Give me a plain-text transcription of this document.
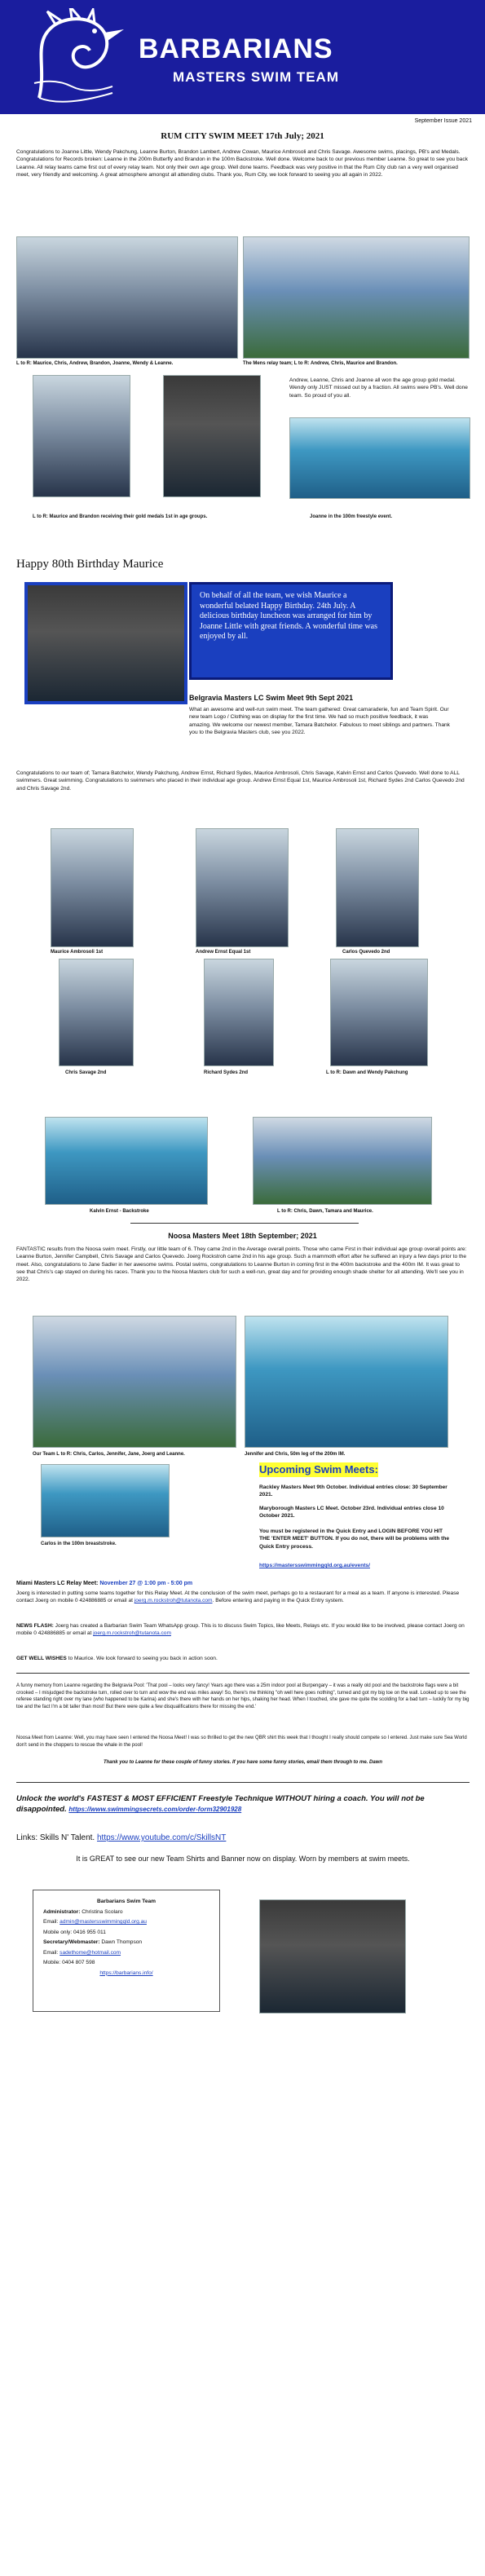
BARBARIANS
MASTERS SWIM TEAM
September Issue 2021
RUM CITY SWIM MEET 17th July; 2021
Congratulations to Joanne Little, Wendy Pakchung, Leanne Burton, Brandon Lambert, Andrew Cowan, Maurice Ambrosoli and Chris Savage. Awesome swims, placings, PB's and Medals. Congratulations for Records broken: Leanne in the 200m Butterfly and Brandon in the 100m Backstroke. Well done. Welcome back to our previous member Leanne. So great to see you back Leanne. All relay teams came first out of every relay team. Not only their own age group. Well done teams. Feedback was very positive in that the Rum City club ran a very well organised meet, very friendly and welcoming. A great atmosphere amongst all attending clubs. Thank you, Rum City, we look forward to seeing you all again in 2022.
L to R: Maurice, Chris, Andrew, Brandon, Joanne, Wendy & Leanne.	The Mens relay team; L to R: Andrew, Chris, Maurice and Brandon.
Andrew, Leanne, Chris and Joanne all won the age group gold medal. Wendy only JUST missed out by a fraction. All swims were PB's. Well done team. So proud of you all.
L to R: Maurice and Brandon receiving their gold medals 1st in age groups.	Joanne in the 100m freestyle event.
Happy 80th Birthday Maurice
On behalf of all the team, we wish Maurice a wonderful belated Happy Birthday. 24th July. A delicious birthday luncheon was arranged for him by Joanne Little with great friends. A wonderful time was enjoyed by all.
Belgravia Masters LC Swim Meet 9th Sept 2021
What an awesome and well-run swim meet. The team gathered: Great camaraderie, fun and Team Spirit. Our new team Logo / Clothing was on display for the first time. We had so much positive feedback, it was amazing. We welcome our newest member, Tamara Batchelor. Fabulous to meet siblings and partners. Thank you to the Belgravia Masters club, see you 2022.
Congratulations to our team of; Tamara Batchelor, Wendy Pakchung, Andrew Ernst, Richard Sydes, Maurice Ambrosoli, Chris Savage, Kalvin Ernst and Carlos Quevedo. Well done to ALL swimmers. Great swimming. Congratulations to swimmers who placed in their individual age group. Andrew Ernst Equal 1st, Maurice Ambrosoli 1st, Richard Sydes 2nd Carlos Quevedo 2nd and Chris Savage 2nd.
Maurice Ambrosoli 1st	Andrew Ernst Equal 1st	Carlos Quevedo 2nd
Chris Savage 2nd	Richard Sydes 2nd	L to R: Dawn and Wendy Pakchung
Kalvin Ernst - Backstroke	L to R: Chris, Dawn, Tamara and Maurice.
Noosa Masters Meet 18th September; 2021
FANTASTIC results from the Noosa swim meet. Firstly, our little team of 6. They came 2nd in the Average overall points. Those who came First in their individual age group overall points are: Leanne Burton, Jennifer Campbell, Chris Savage and Carlos Quevedo. Joerg Rockstroh came 2nd in his age group. Such a mammoth effort after he suffered an injury a few days prior to the meet. Also, congratulations to Jane Sadler in her awesome swims. Postal swims, congratulations to Leanne Burton in coming first in the 400m backstroke and the 400m IM. It was great to see that Chris's cap stayed on during his races. Thank you to the Noosa Masters club for such a well-run, great day and for providing enough shade shelter for all attending. We'll see you in 2022.
Our Team L to R: Chris, Carlos, Jennifer, Jane, Joerg and Leanne.	Jennifer and Chris, 50m leg of the 200m IM.
Carlos in the 100m breaststroke.
Upcoming Swim Meets:
Rackley Masters Meet 9th October. Individual entries close: 30 September 2021.
Maryborough Masters LC Meet. October 23rd. Individual entries close 10 October 2021.
You must be registered in the Quick Entry and LOGIN BEFORE YOU HIT THE 'ENTER MEET' BUTTON. If you do not, there will be problems with the Quick Entry process.
https://mastersswimmingqld.org.au/events/
Miami Masters LC Relay Meet: November 27 @ 1:00 pm - 5:00 pm
Joerg is interested in putting some teams together for this Relay Meet. At the conclusion of the swim meet, perhaps go to a restaurant for a meal as a team. If anyone is interested. Please contact Joerg on mobile 0 424886885 or email at joerg.m.rockstroh@tutanota.com. Before entering and paying in the Quick Entry system.
NEWS FLASH: Joerg has created a Barbarian Swim Team WhatsApp group. This is to discuss Swim Topics, like Meets, Relays etc. If you would like to be involved, please contact Joerg on mobile 0 424886885 or email at joerg.m.rockstroh@tutanota.com
GET WELL WISHES to Maurice. We look forward to seeing you back in action soon.
A funny memory from Leanne regarding the Belgravia Pool: 'That pool – looks very fancy! Years ago there was a 25m indoor pool at Burpengary – it was a really old pool and the backstroke flags were a bit crooked – I misjudged the backstroke turn, rolled over to turn and wow the end was miles away! So, there's me thinking "oh well here goes nothing", turned and got my big toe on the wall. Looked up to see the referee standing right over my lane (who happened to be Karina) and she's there with her hands on her hips, shaking her head. When I touched, she gave me quite the scolding for a bad turn – luckily for my big toe and the fact I'm a bit taller than most! But there were quite a few disqualifications there for missing the end.'
Noosa Meet from Leanne: Well, you may have seen I entered the Noosa Meet! I was so thrilled to get the new QBR shirt this week that I thought I really should compete so I entered. Just make sure Sea World don't send in the choppers to rescue the whale in the pool!
Thank you to Leanne for these couple of funny stories. If you have some funny stories, email them through to me. Dawn
Unlock the world's FASTEST & MOST EFFICIENT Freestyle Technique WITHOUT hiring a coach. You will not be disappointed. https://www.swimmingsecrets.com/order-form32901928
Links: Skills N' Talent. https://www.youtube.com/c/SkillsNT
It is GREAT to see our new Team Shirts and Banner now on display. Worn by members at swim meets.
Barbarians Swim Team
Administrator: Christina Scolaro
Email: admin@mastersswimmingqld.org.au
Mobile only: 0416 955 011
Secretary/Webmaster: Dawn Thompson
Email: sadethome@hotmail.com
Mobile: 0404 807 598
https://barbarians.info/
